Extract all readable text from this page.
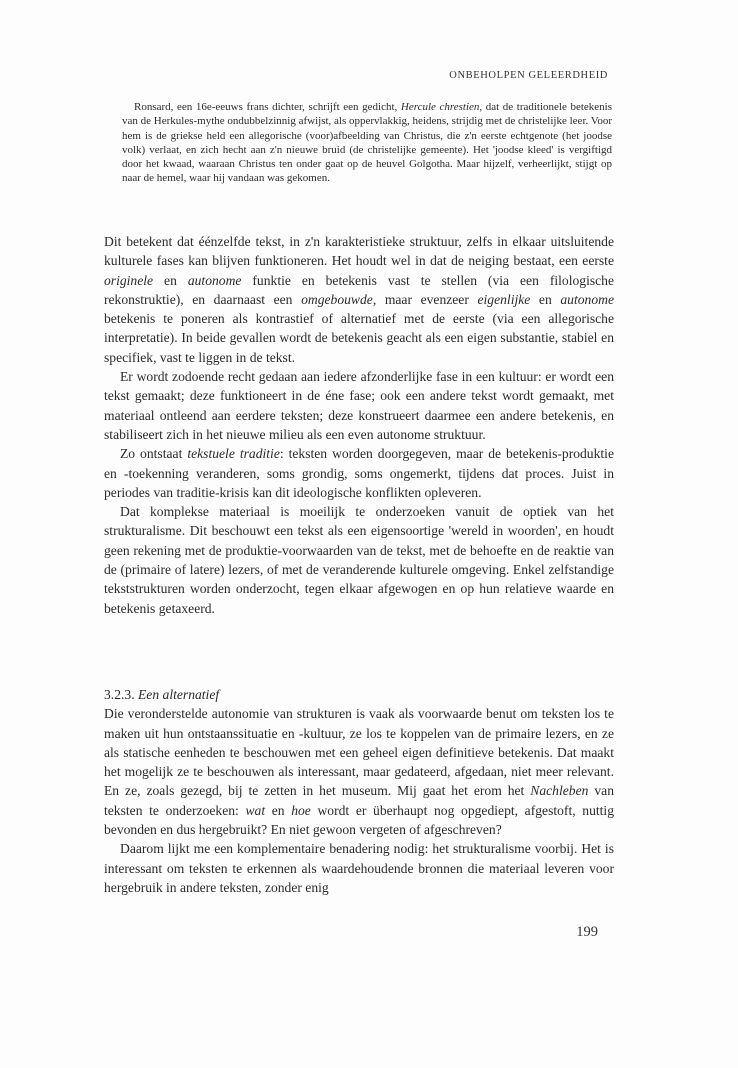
ONBEHOLPEN GELEERDHEID
Ronsard, een 16e-eeuws frans dichter, schrijft een gedicht, Hercule chrestien, dat de traditionele betekenis van de Herkules-mythe ondubbelzinnig afwijst, als oppervlakkig, heidens, strijdig met de christelijke leer. Voor hem is de griekse held een allegorische (voor)afbeelding van Christus, die z'n eerste echtgenote (het joodse volk) verlaat, en zich hecht aan z'n nieuwe bruid (de christelijke gemeente). Het 'joodse kleed' is vergiftigd door het kwaad, waaraan Christus ten onder gaat op de heuvel Golgotha. Maar hijzelf, verheerlijkt, stijgt op naar de hemel, waar hij vandaan was gekomen.

Dit betekent dat éénzelfde tekst, in z'n karakteristieke struktuur, zelfs in elkaar uitsluitende kulturele fases kan blijven funktioneren. Het houdt wel in dat de neiging bestaat, een eerste originele en autonome funktie en betekenis vast te stellen (via een filologische rekonstruktie), en daarnaast een omgebouwde, maar evenzeer eigenlijke en autonome betekenis te poneren als kontrastief of alternatief met de eerste (via een allegorische interpretatie). In beide gevallen wordt de betekenis geacht als een eigen substantie, stabiel en specifiek, vast te liggen in de tekst.

Er wordt zodoende recht gedaan aan iedere afzonderlijke fase in een kultuur: er wordt een tekst gemaakt; deze funktioneert in de éne fase; ook een andere tekst wordt gemaakt, met materiaal ontleend aan eerdere teksten; deze konstrueert daarmee een andere betekenis, en stabiliseert zich in het nieuwe milieu als een even autonome struktuur.

Zo ontstaat tekstuele traditie: teksten worden doorgegeven, maar de betekenis-produktie en -toekenning veranderen, soms grondig, soms ongemerkt, tijdens dat proces. Juist in periodes van traditie-krisis kan dit ideologische konflikten opleveren.

Dat komplekse materiaal is moeilijk te onderzoeken vanuit de optiek van het strukturalisme. Dit beschouwt een tekst als een eigensoortige 'wereld in woorden', en houdt geen rekening met de produktie-voorwaarden van de tekst, met de behoefte en de reaktie van de (primaire of latere) lezers, of met de veranderende kulturele omgeving. Enkel zelfstandige tekststrukturen worden onderzocht, tegen elkaar afgewogen en op hun relatieve waarde en betekenis getaxeerd.

3.2.3. Een alternatief

Die veronderstelde autonomie van strukturen is vaak als voorwaarde benut om teksten los te maken uit hun ontstaanssituatie en -kultuur, ze los te koppelen van de primaire lezers, en ze als statische eenheden te beschouwen met een geheel eigen definitieve betekenis. Dat maakt het mogelijk ze te beschouwen als interessant, maar gedateerd, afgedaan, niet meer relevant. En ze, zoals gezegd, bij te zetten in het museum. Mij gaat het erom het Nachleben van teksten te onderzoeken: wat en hoe wordt er überhaupt nog opgediept, afgestoft, nuttig bevonden en dus hergebruikt? En niet gewoon vergeten of afgeschreven?

Daarom lijkt me een komplementaire benadering nodig: het strukturalisme voorbij. Het is interessant om teksten te erkennen als waardehoudende bronnen die materiaal leveren voor hergebruik in andere teksten, zonder enig

199
